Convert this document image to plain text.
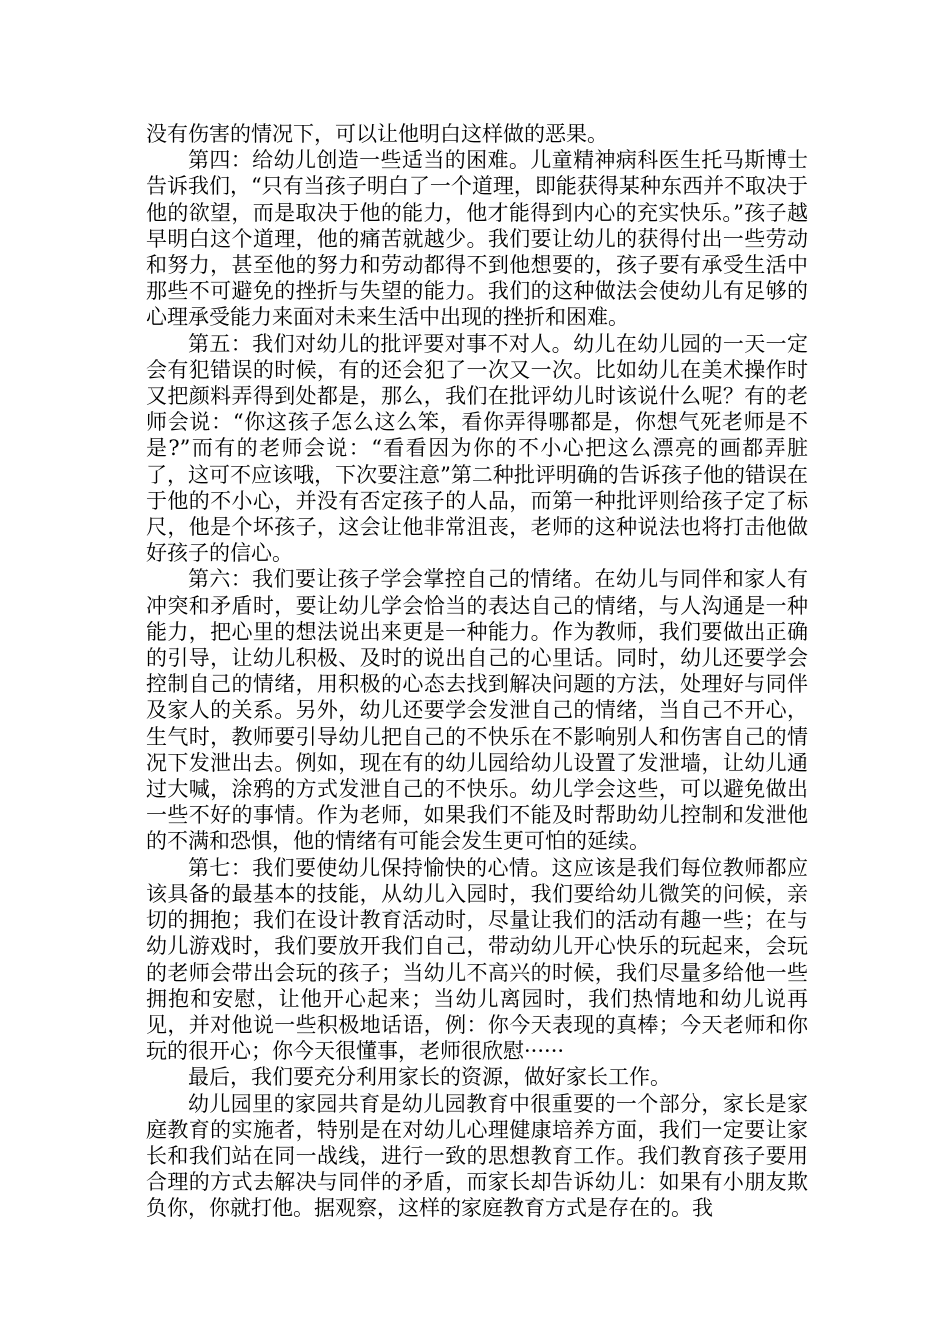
没有伤害的情况下，可以让他明白这样做的恶果。

第四：给幼儿创造一些适当的困难。儿童精神病科医生托马斯博士告诉我们，“只有当孩子明白了一个道理，即能获得某种东西并不取决于他的欲望，而是取决于他的能力，他才能得到内心的充实快乐。”孩子越早明白这个道理，他的痛苦就越少。我们要让幼儿的获得付出一些劳动和努力，甚至他的努力和劳动都得不到他想要的，孩子要有承受生活中那些不可避免的挫折与失望的能力。我们的这种做法会使幼儿有足够的心理承受能力来面对未来生活中出现的挫折和困难。

第五：我们对幼儿的批评要对事不对人。幼儿在幼儿园的一天一定会有犯错误的时候，有的还会犯了一次又一次。比如幼儿在美术操作时又把颜料弄得到处都是，那么，我们在批评幼儿时该说什么呢？有的老师会说：“你这孩子怎么这么笨，看你弄得哪都是，你想气死老师是不是?”而有的老师会说：“看看因为你的不小心把这么漂亮的画都弄脏了，这可不应该哦，下次要注意”第二种批评明确的告诉孩子他的错误在于他的不小心，并没有否定孩子的人品，而第一种批评则给孩子定了标尺，他是个坏孩子，这会让他非常沮丧，老师的这种说法也将打击他做好孩子的信心。

第六：我们要让孩子学会掌控自己的情绪。在幼儿与同伴和家人有冲突和矛盾时，要让幼儿学会恰当的表达自己的情绪，与人沟通是一种能力，把心里的想法说出来更是一种能力。作为教师，我们要做出正确的引导，让幼儿积极、及时的说出自己的心里话。同时，幼儿还要学会控制自己的情绪，用积极的心态去找到解决问题的方法，处理好与同伴及家人的关系。另外，幼儿还要学会发泄自己的情绪，当自己不开心，生气时，教师要引导幼儿把自己的不快乐在不影响别人和伤害自己的情况下发泄出去。例如，现在有的幼儿园给幼儿设置了发泄墙，让幼儿通过大喊，涂鸦的方式发泄自己的不快乐。幼儿学会这些，可以避免做出一些不好的事情。作为老师，如果我们不能及时帮助幼儿控制和发泄他的不满和恐惧，他的情绪有可能会发生更可怕的延续。

第七：我们要使幼儿保持愉快的心情。这应该是我们每位教师都应该具备的最基本的技能，从幼儿入园时，我们要给幼儿微笑的问候，亲切的拥抱；我们在设计教育活动时，尽量让我们的活动有趣一些；在与幼儿游戏时，我们要放开我们自己，带动幼儿开心快乐的玩起来，会玩的老师会带出会玩的孩子；当幼儿不高兴的时候，我们尽量多给他一些拥抱和安慰，让他开心起来；当幼儿离园时，我们热情地和幼儿说再见，并对他说一些积极地话语，例：你今天表现的真棒；今天老师和你玩的很开心；你今天很懂事，老师很欣慰······

最后，我们要充分利用家长的资源，做好家长工作。

幼儿园里的家园共育是幼儿园教育中很重要的一个部分，家长是家庭教育的实施者，特别是在对幼儿心理健康培养方面，我们一定要让家长和我们站在同一战线，进行一致的思想教育工作。我们教育孩子要用合理的方式去解决与同伴的矛盾，而家长却告诉幼儿：如果有小朋友欺负你，你就打他。据观察，这样的家庭教育方式是存在的。我
